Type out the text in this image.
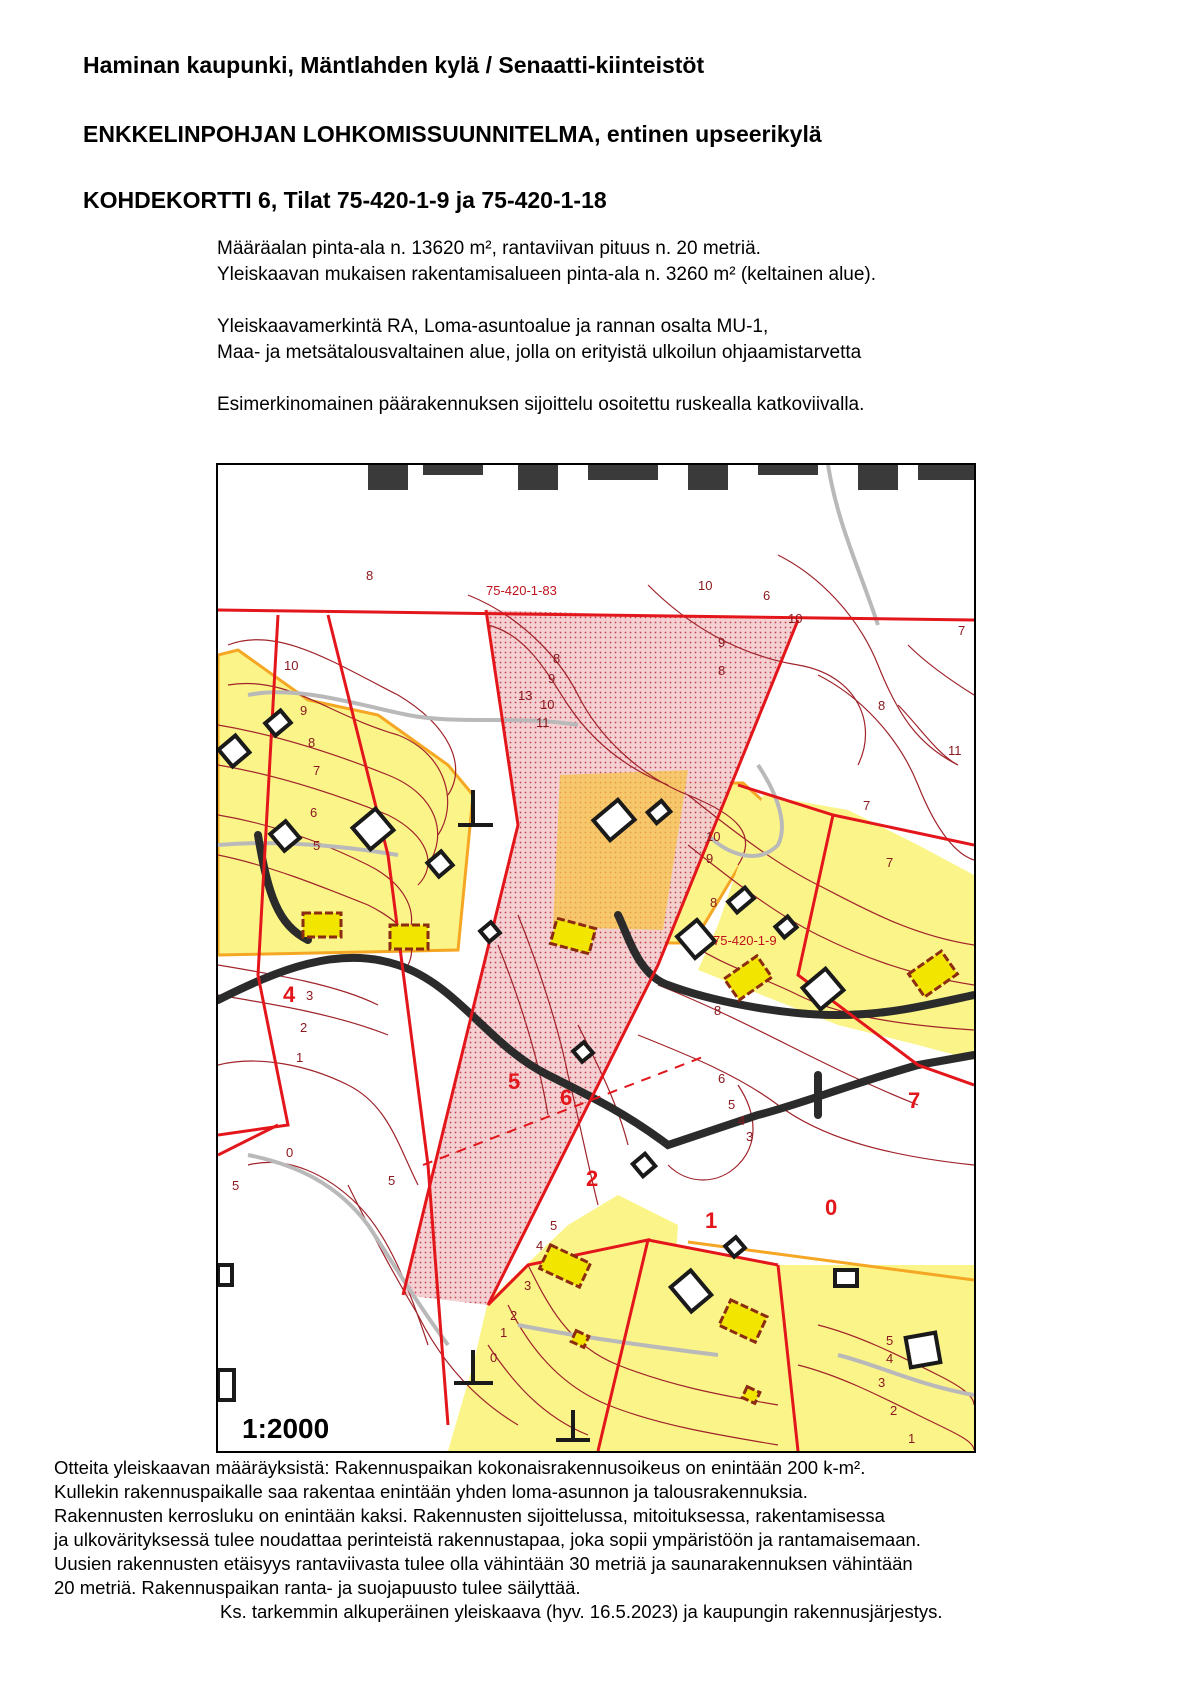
Haminan kaupunki, Mäntlahden kylä / Senaatti-kiinteistöt
ENKKELINPOHJAN LOHKOMISSUUNNITELMA, entinen upseerikylä
KOHDEKORTTI 6, Tilat 75-420-1-9 ja 75-420-1-18
Määräalan pinta-ala n. 13620 m², rantaviivan pituus n. 20 metriä.
Yleiskaavan mukaisen rakentamisalueen pinta-ala n. 3260 m² (keltainen alue).
Yleiskaavamerkintä RA, Loma-asuntoalue ja rannan osalta MU-1,
Maa- ja metsätalousvaltainen alue, jolla on erityistä ulkoilun ohjaamistarvetta
Esimerkinomainen päärakennuksen sijoittelu osoitettu ruskealla katkoviivalla.
75-420-1-83
75-420-1-9
4
5
6	7
2
1
0
8
10
6
10
9
8
10
9
8
7
6
5
3
2
1
0
5	5
13
11
10
9
8
10
9
8
8
7
7
6
5
4
3
5
4
3
2
1
0
5
4
3
2
1
8
11
7
1:2000
Otteita yleiskaavan määräyksistä: Rakennuspaikan kokonaisrakennusoikeus on enintään 200 k-m².
Kullekin rakennuspaikalle saa rakentaa enintään yhden loma-asunnon ja talousrakennuksia.
Rakennusten kerrosluku on enintään kaksi. Rakennusten sijoittelussa, mitoituksessa, rakentamisessa
ja ulkovärityksessä tulee noudattaa perinteistä rakennustapaa, joka sopii ympäristöön ja rantamaisemaan.
Uusien rakennusten etäisyys rantaviivasta tulee olla vähintään 30 metriä ja saunarakennuksen vähintään
20 metriä. Rakennuspaikan ranta- ja suojapuusto tulee säilyttää.
Ks. tarkemmin alkuperäinen yleiskaava (hyv. 16.5.2023) ja kaupungin rakennusjärjestys.
